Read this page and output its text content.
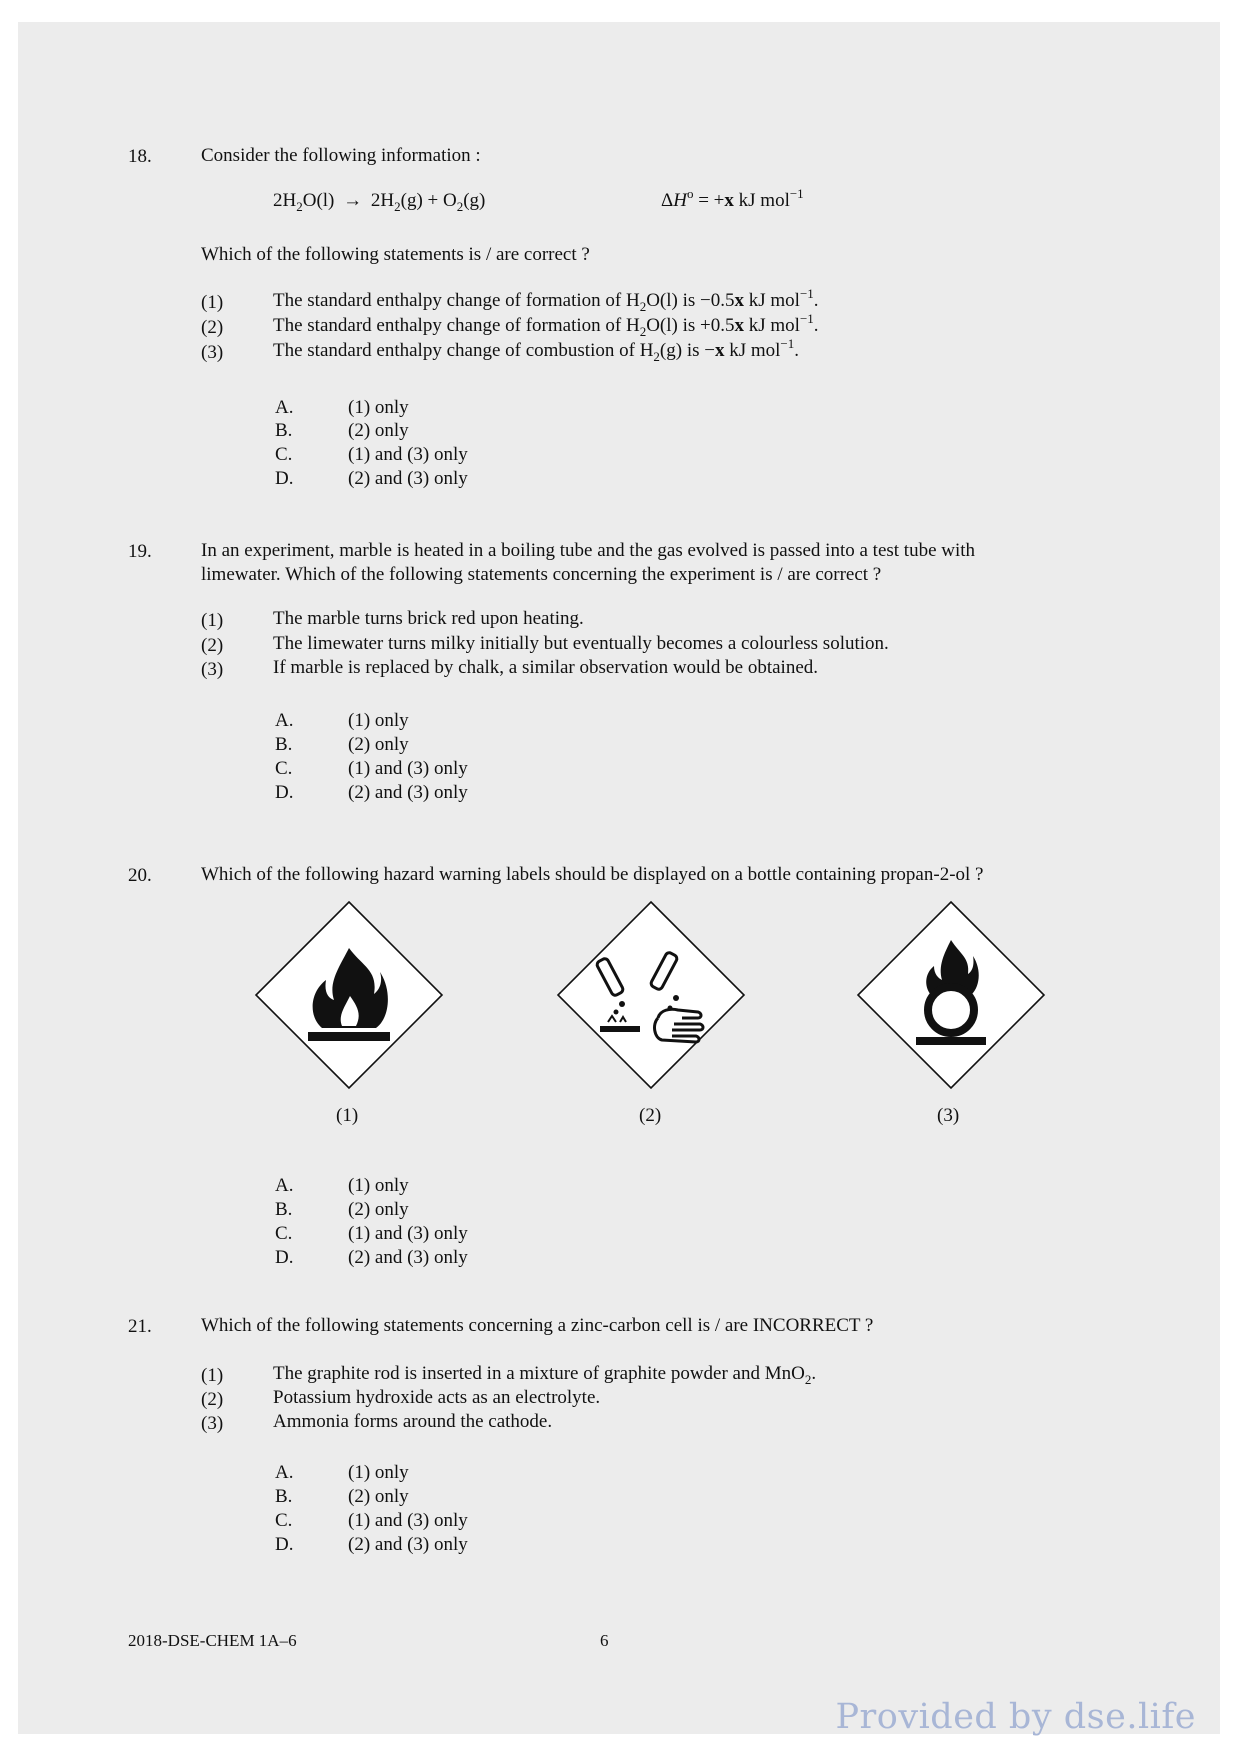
18.	Consider the following information :
$2H_2O(l) \to 2H_2(g) + O_2(g)$	$\Delta H^o = +x$ kJ mol$^{-1}$
Which of the following statements is / are correct ?
(1)	The standard enthalpy change of formation of $H_2O(l)$ is −0.5x kJ mol$^{-1}$.
(2)	The standard enthalpy change of formation of $H_2O(l)$ is +0.5x kJ mol$^{-1}$.
(3)	The standard enthalpy change of combustion of $H_2(g)$ is −x kJ mol$^{-1}$.
A.	(1) only
B.	(2) only
C.	(1) and (3) only
D.	(2) and (3) only
19.	In an experiment, marble is heated in a boiling tube and the gas evolved is passed into a test tube with
limewater. Which of the following statements concerning the experiment is / are correct ?
(1)	The marble turns brick red upon heating.
(2)	The limewater turns milky initially but eventually becomes a colourless solution.
(3)	If marble is replaced by chalk, a similar observation would be obtained.
A.	(1) only
B.	(2) only
C.	(1) and (3) only
D.	(2) and (3) only
20.	Which of the following hazard warning labels should be displayed on a bottle containing propan-2-ol ?
(1)	(2)	(3)
A.	(1) only
B.	(2) only
C.	(1) and (3) only
D.	(2) and (3) only
21.	Which of the following statements concerning a zinc-carbon cell is / are INCORRECT ?
(1)	The graphite rod is inserted in a mixture of graphite powder and MnO$_2$.
(2)	Potassium hydroxide acts as an electrolyte.
(3)	Ammonia forms around the cathode.
A.	(1) only
B.	(2) only
C.	(1) and (3) only
D.	(2) and (3) only
2018-DSE-CHEM 1A–6	6
Provided by dse.life
